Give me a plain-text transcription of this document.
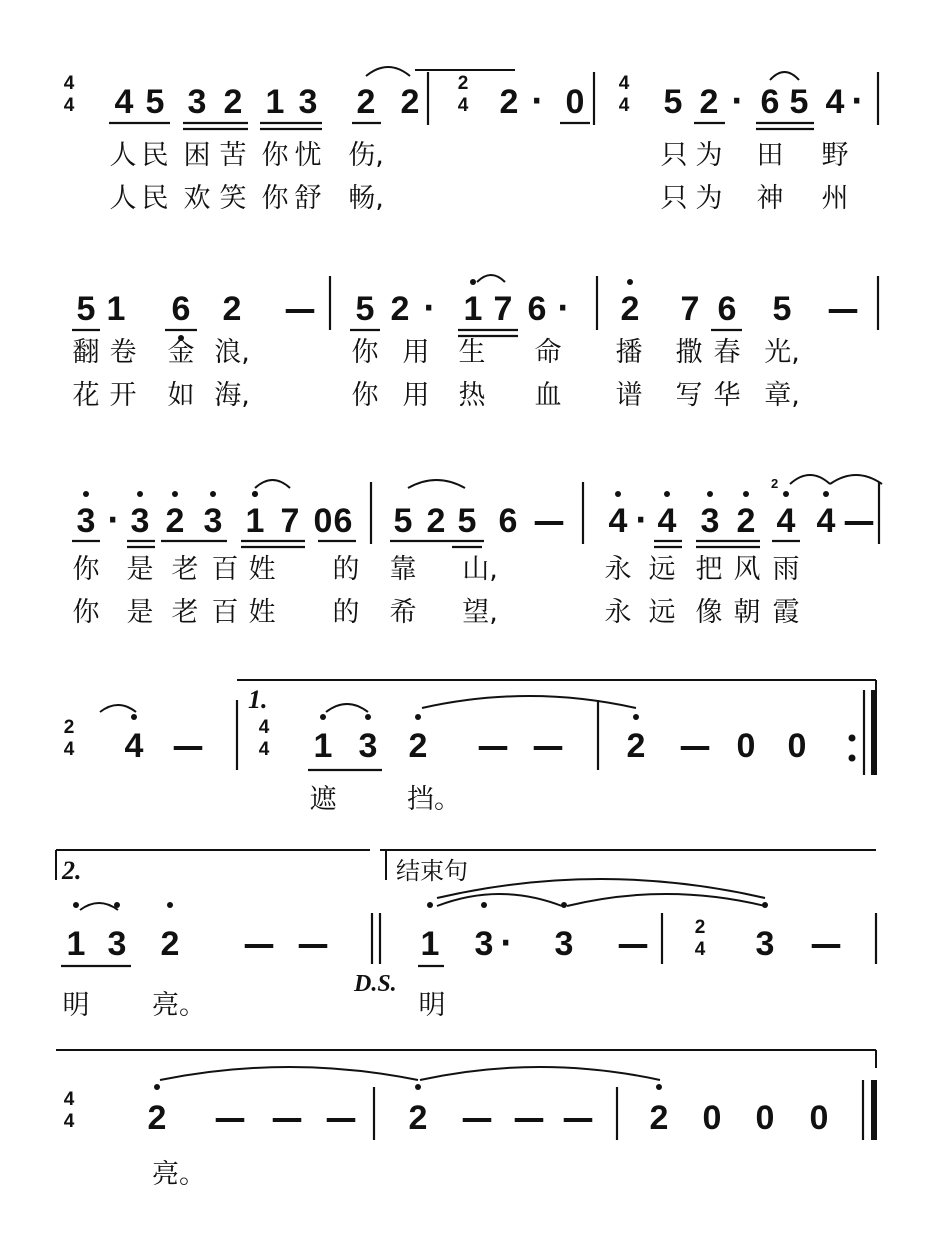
4
4 4 5 3 2 1 3 2 2 2 0 5 2 6 5 4
·	·	·
2
4
4
4
人 民 困 苦 你 忧 伤,	只 为 田 野
人 民 欢 笑 你 舒 畅,	只 为 神 州
5 1 6 2	5 2 1 7 6 2 7 6 5
—	·	·	—
翻 卷 金 浪,	你 用 生 命 播 撒 春 光,
花 开 如 海,	你 用 热 血 谱 写 华 章,
3 3 2 3 1 7 0 6 5 2 5 6	4 4 3 2 4 4
·	·
—	—
2
你 是 老 百 姓 的 靠 山,	永 远 把 风 雨
你 是 老 百 姓 的 希 望,	永 远 像 朝 霞
2
4 4 —	4
4 1 3 2 — — 2 — 0 0
1.
遮	挡。
2.	结束句
1 3 2 — —	1 3 · 3 —	2
4 3 —
明 亮。	明
D.S.
4
4 2 — — — 2 — — — 2 0 0 0
亮。
